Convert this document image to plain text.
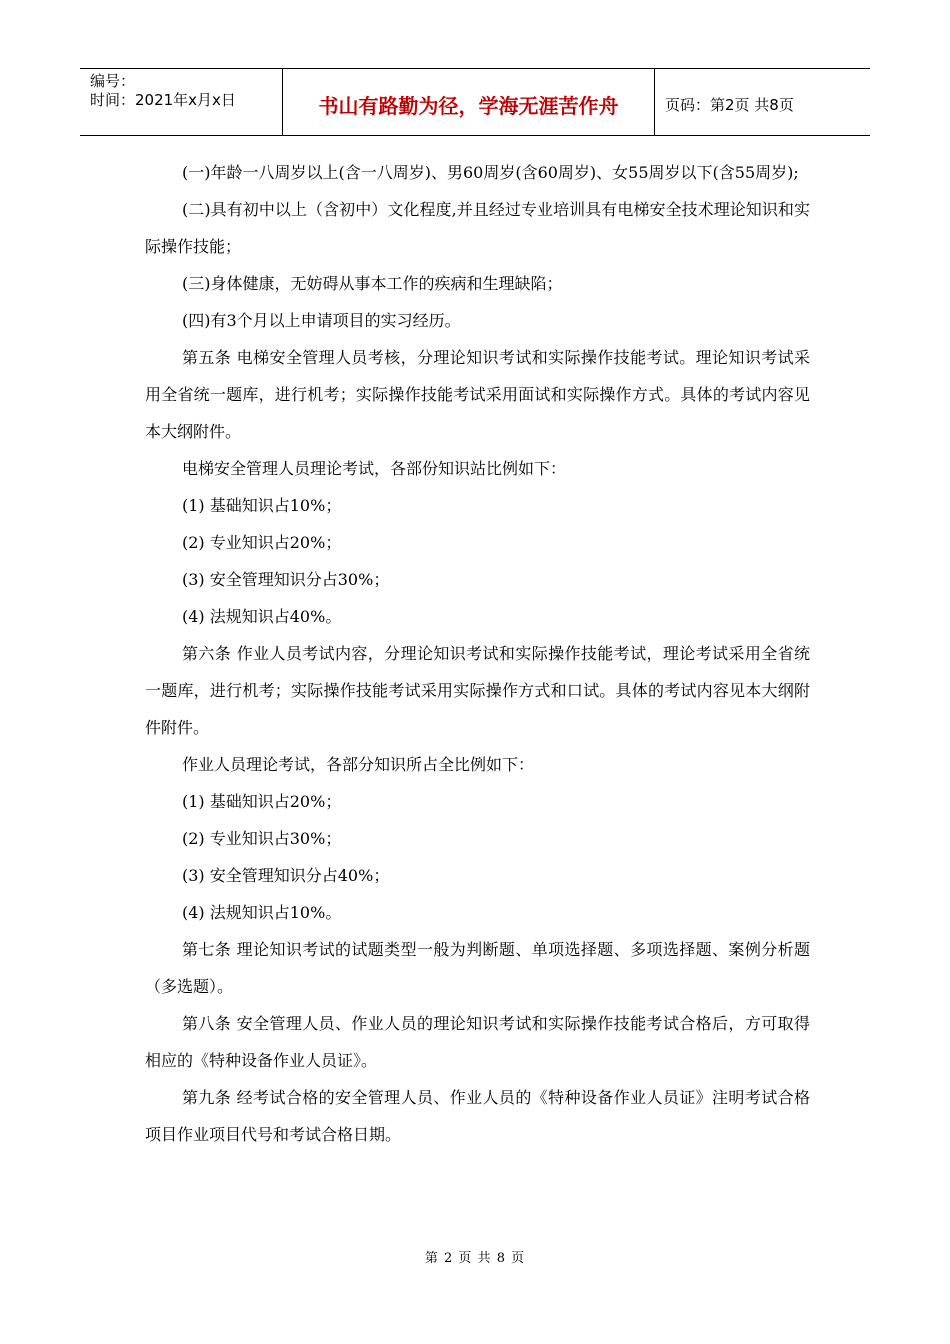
编号：
时间：2021年x月x日	书山有路勤为径，学海无涯苦作舟	页码：第2页 共8页

(一)年龄一八周岁以上(含一八周岁)、男60周岁(含60周岁)、女55周岁以下(含55周岁);

(二)具有初中以上（含初中）文化程度,并且经过专业培训具有电梯安全技术理论知识和实际操作技能；

(三)身体健康，无妨碍从事本工作的疾病和生理缺陷；

(四)有3个月以上申请项目的实习经历。

第五条 电梯安全管理人员考核，分理论知识考试和实际操作技能考试。理论知识考试采用全省统一题库，进行机考；实际操作技能考试采用面试和实际操作方式。具体的考试内容见本大纲附件。

电梯安全管理人员理论考试，各部份知识站比例如下：

(1) 基础知识占10%；

(2) 专业知识占20%；

(3) 安全管理知识分占30%；

(4) 法规知识占40%。

第六条 作业人员考试内容，分理论知识考试和实际操作技能考试，理论考试采用全省统一题库，进行机考；实际操作技能考试采用实际操作方式和口试。具体的考试内容见本大纲附件附件。

作业人员理论考试，各部分知识所占全比例如下：

(1) 基础知识占20%；

(2) 专业知识占30%；

(3) 安全管理知识分占40%；

(4) 法规知识占10%。

第七条 理论知识考试的试题类型一般为判断题、单项选择题、多项选择题、案例分析题（多选题）。

第八条 安全管理人员、作业人员的理论知识考试和实际操作技能考试合格后，方可取得相应的《特种设备作业人员证》。

第九条 经考试合格的安全管理人员、作业人员的《特种设备作业人员证》注明考试合格项目作业项目代号和考试合格日期。

第 2 页 共 8 页
